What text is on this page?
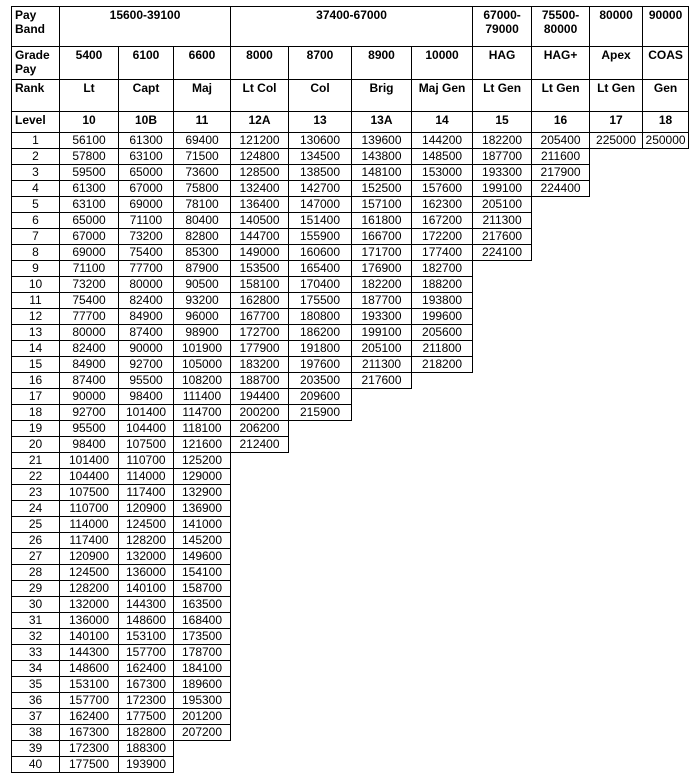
Pay Band	15600-39100			37400-67000				67000-79000	75500-80000	80000	90000
Grade Pay	5400	6100	6600	8000	8700	8900	10000	HAG	HAG+	Apex	COAS
Rank	Lt	Capt	Maj	Lt Col	Col	Brig	Maj Gen	Lt Gen	Lt Gen	Lt Gen	Gen
Level	10	10B	11	12A	13	13A	14	15	16	17	18
1	56100	61300	69400	121200	130600	139600	144200	182200	205400	225000	250000
2	57800	63100	71500	124800	134500	143800	148500	187700	211600		
3	59500	65000	73600	128500	138500	148100	153000	193300	217900		
4	61300	67000	75800	132400	142700	152500	157600	199100	224400		
5	63100	69000	78100	136400	147000	157100	162300	205100			
6	65000	71100	80400	140500	151400	161800	167200	211300			
7	67000	73200	82800	144700	155900	166700	172200	217600			
8	69000	75400	85300	149000	160600	171700	177400	224100			
9	71100	77700	87900	153500	165400	176900	182700				
10	73200	80000	90500	158100	170400	182200	188200				
11	75400	82400	93200	162800	175500	187700	193800				
12	77700	84900	96000	167700	180800	193300	199600				
13	80000	87400	98900	172700	186200	199100	205600				
14	82400	90000	101900	177900	191800	205100	211800				
15	84900	92700	105000	183200	197600	211300	218200				
16	87400	95500	108200	188700	203500	217600					
17	90000	98400	111400	194400	209600						
18	92700	101400	114700	200200	215900						
19	95500	104400	118100	206200							
20	98400	107500	121600	212400							
21	101400	110700	125200								
22	104400	114000	129000								
23	107500	117400	132900								
24	110700	120900	136900								
25	114000	124500	141000								
26	117400	128200	145200								
27	120900	132000	149600								
28	124500	136000	154100								
29	128200	140100	158700								
30	132000	144300	163500								
31	136000	148600	168400								
32	140100	153100	173500								
33	144300	157700	178700								
34	148600	162400	184100								
35	153100	167300	189600								
36	157700	172300	195300								
37	162400	177500	201200								
38	167300	182800	207200								
39	172300	188300									
40	177500	193900									
